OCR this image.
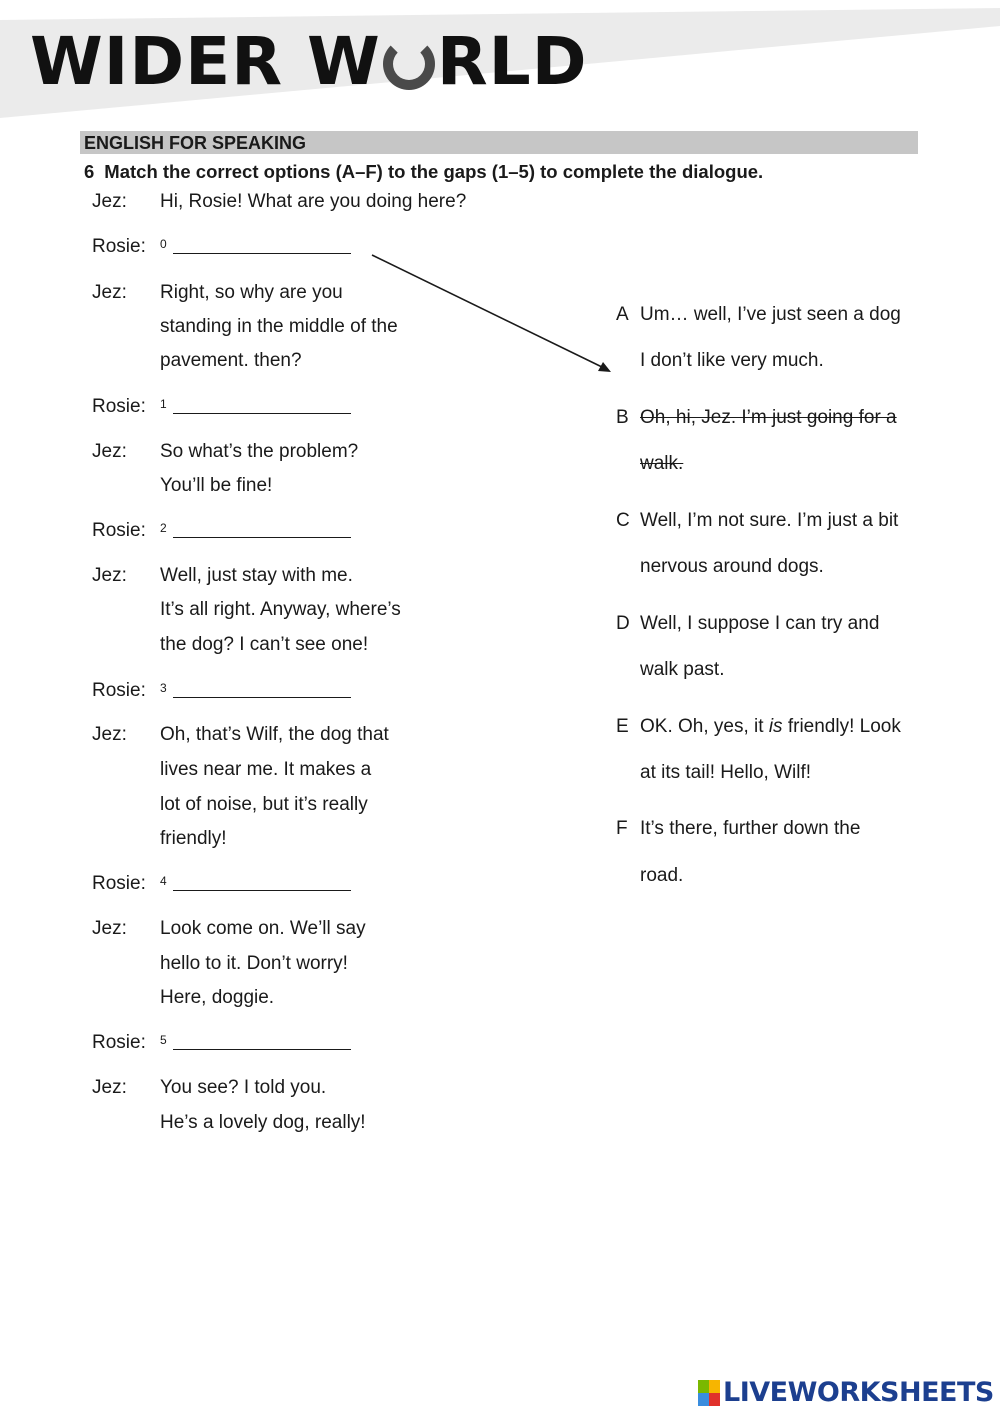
WIDER W RLD
ENGLISH FOR SPEAKING
6 Match the correct options (A–F) to the gaps (1–5) to complete the dialogue.
Jez: Hi, Rosie! What are you doing here?
Rosie: $^0$
Jez: Right, so why are you
standing in the middle of the
pavement. then?
Rosie: $^1$
Jez: So what’s the problem?
You’ll be fine!
Rosie: $^2$
Jez: Well, just stay with me.
It’s all right. Anyway, where’s
the dog? I can’t see one!
Rosie: $^3$
Jez: Oh, that’s Wilf, the dog that
lives near me. It makes a
lot of noise, but it’s really
friendly!
Rosie: $^4$
Jez: Look come on. We’ll say
hello to it. Don’t worry!
Here, doggie.
Rosie: $^5$
Jez: You see? I told you.
He’s a lovely dog, really!
A Um… well, I’ve just seen a dog
I don’t like very much.
B Oh, hi, Jez. I’m just going for a
walk.
C Well, I’m not sure. I’m just a bit
nervous around dogs.
D Well, I suppose I can try and
walk past.
E OK. Oh, yes, it is friendly! Look
at its tail! Hello, Wilf!
F It’s there, further down the
road.
LIVEWORKSHEETS
